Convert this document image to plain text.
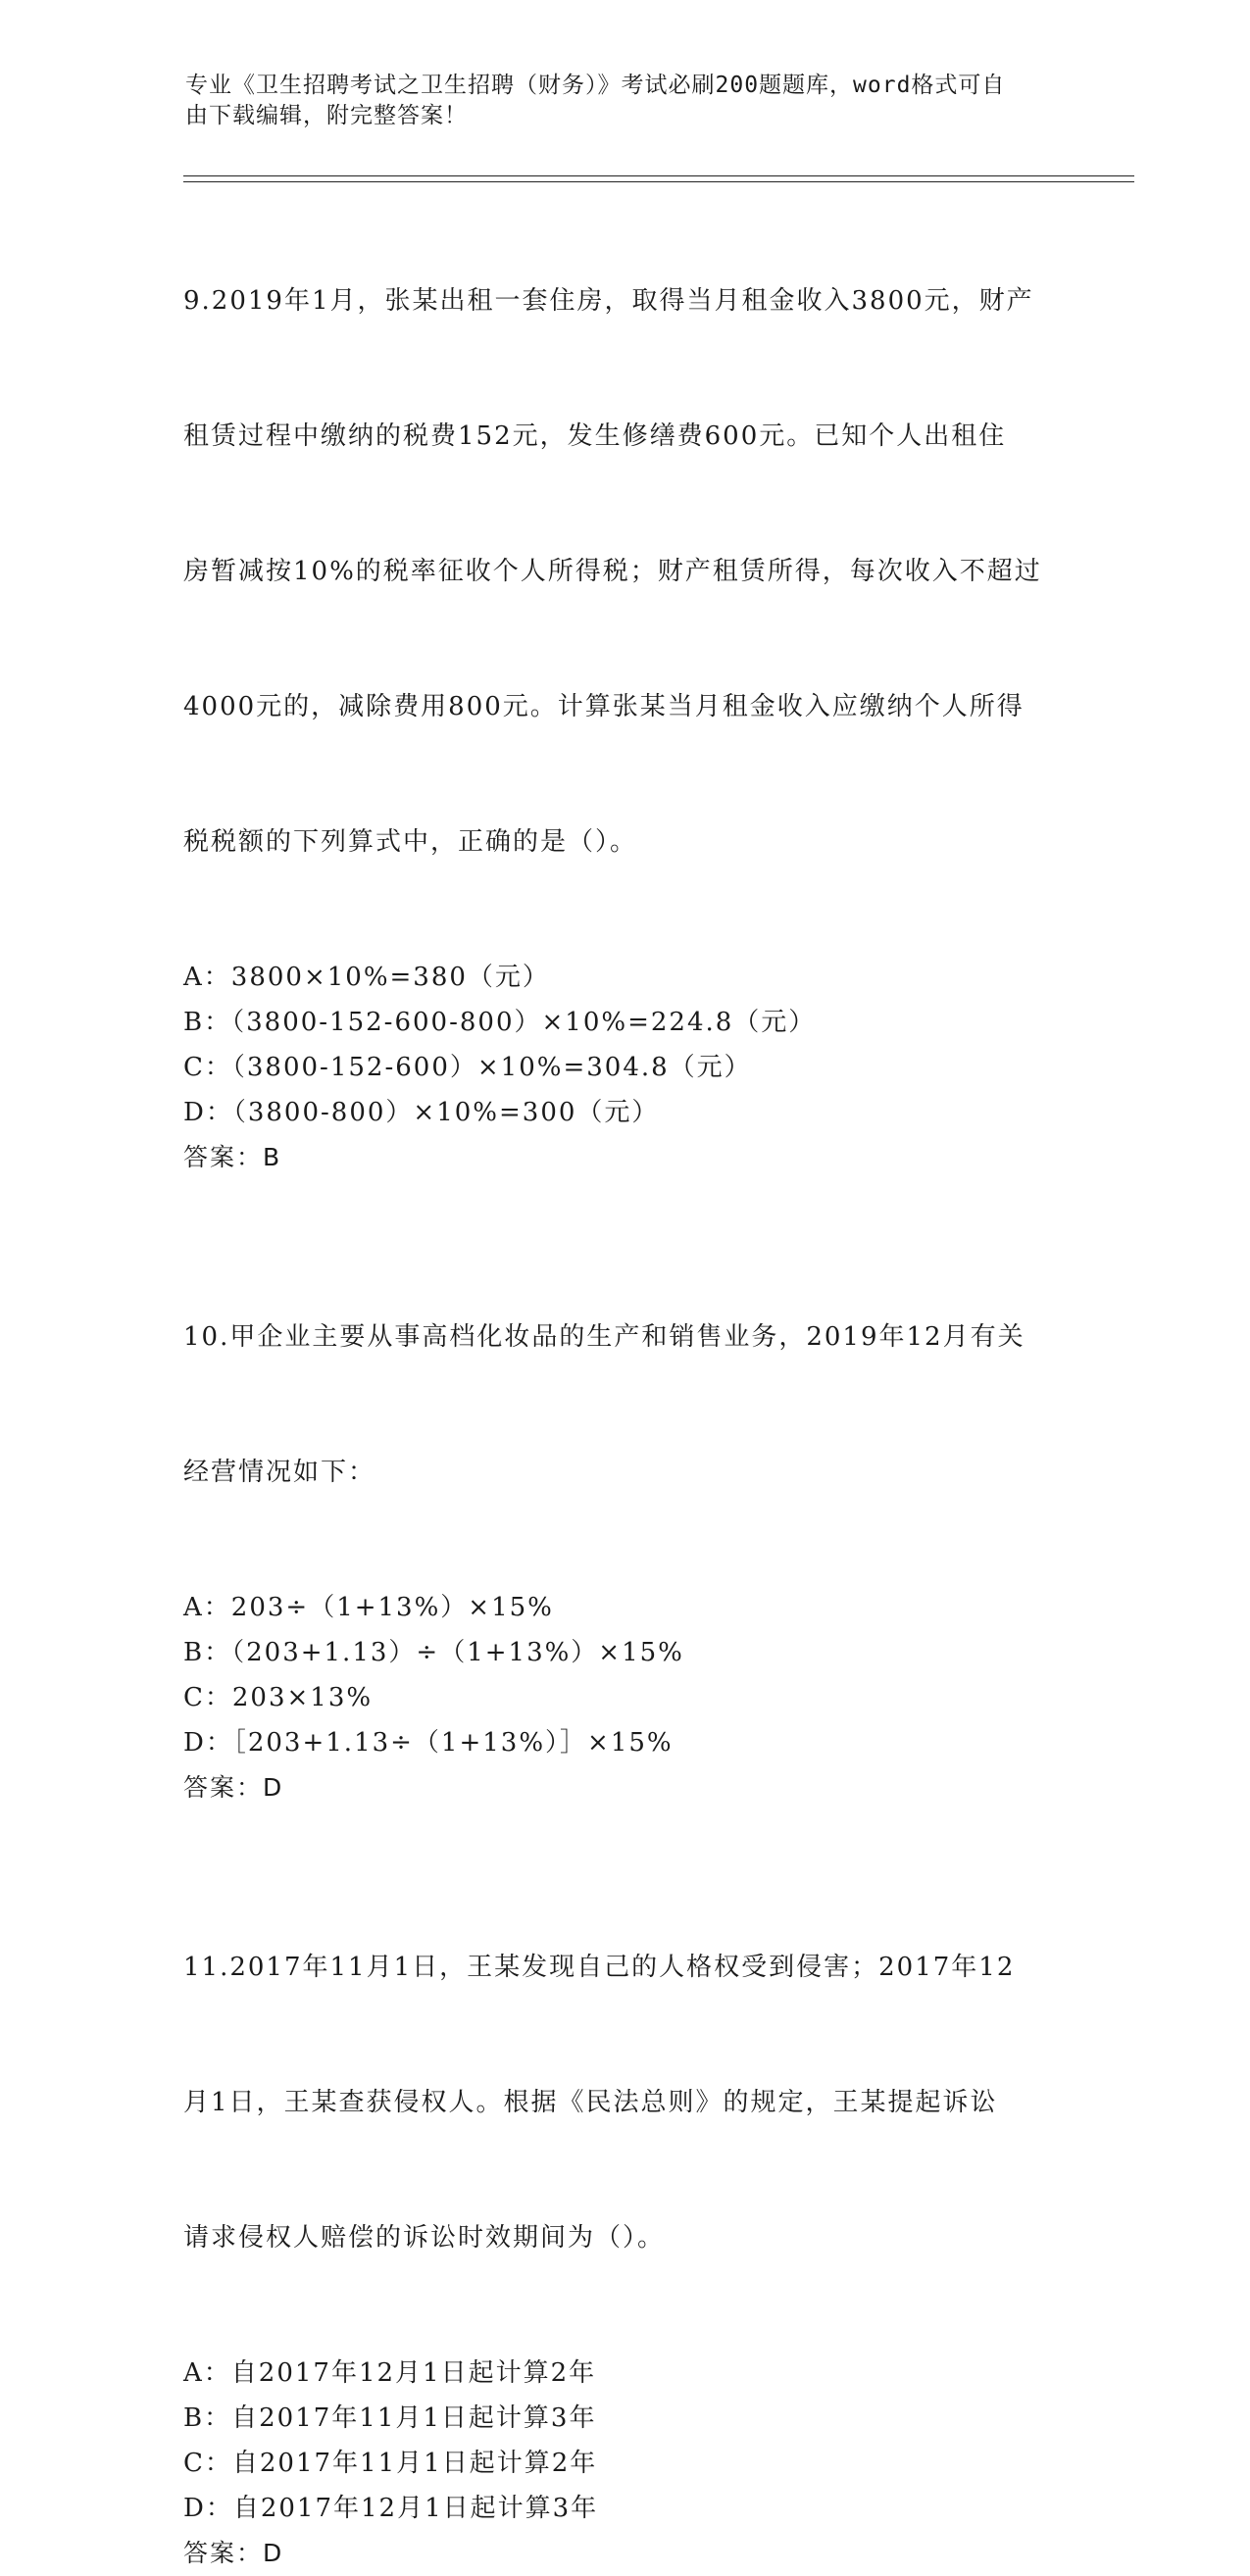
专业《卫生招聘考试之卫生招聘（财务）》考试必刷200题题库，word格式可自
由下载编辑，附完整答案！

9.2019年1月，张某出租一套住房，取得当月租金收入3800元，财产

租赁过程中缴纳的税费152元，发生修缮费600元。已知个人出租住

房暂减按10%的税率征收个人所得税；财产租赁所得，每次收入不超过

4000元的，减除费用800元。计算张某当月租金收入应缴纳个人所得

税税额的下列算式中，正确的是（）。

A：3800×10%=380（元）
B：（3800-152-600-800）×10%=224.8（元）
C：（3800-152-600）×10%=304.8（元）
D：（3800-800）×10%=300（元）
答案：B

10.甲企业主要从事高档化妆品的生产和销售业务，2019年12月有关

经营情况如下：

A：203÷（1+13%）×15%
B：（203+1.13）÷（1+13%）×15%
C：203×13%
D：［203+1.13÷（1+13%）］×15%
答案：D

11.2017年11月1日，王某发现自己的人格权受到侵害；2017年12

月1日，王某查获侵权人。根据《民法总则》的规定，王某提起诉讼

请求侵权人赔偿的诉讼时效期间为（）。

A：自2017年12月1日起计算2年
B：自2017年11月1日起计算3年
C：自2017年11月1日起计算2年
D：自2017年12月1日起计算3年
答案：D
